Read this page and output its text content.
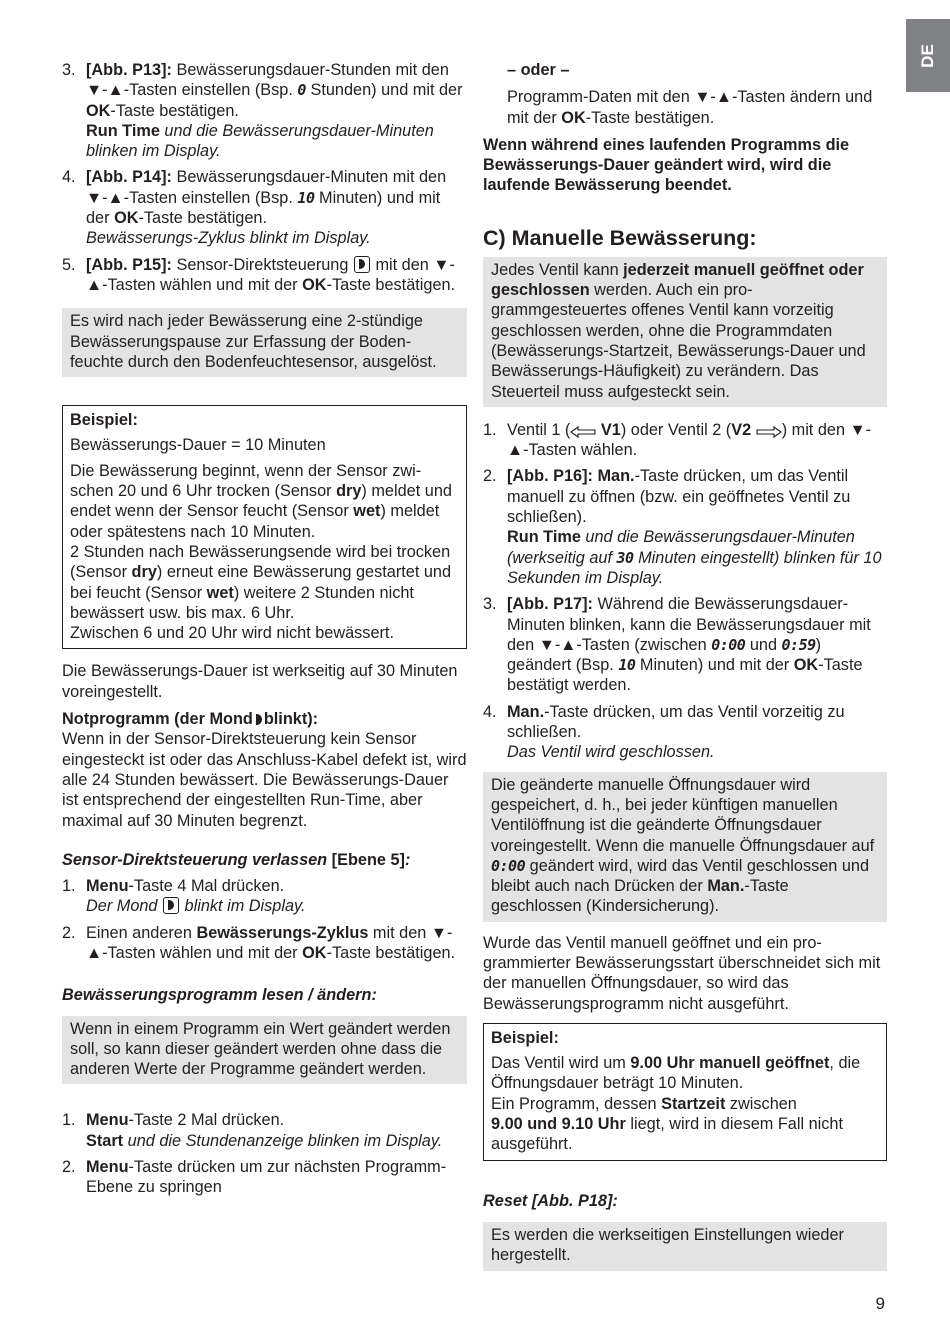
DE
3. [Abb. P13]: Bewässerungsdauer-Stunden mit den ▼-▲-Tasten einstellen (Bsp. 0 Stunden) und mit der OK-Taste bestätigen.
Run Time und die Bewässerungsdauer-Minuten blinken im Display.
4. [Abb. P14]: Bewässerungsdauer-Minuten mit den ▼-▲-Tasten einstellen (Bsp. 10 Minuten) und mit der OK-Taste bestätigen.
Bewässerungs-Zyklus blinkt im Display.
5. [Abb. P15]: Sensor-Direktsteuerung  mit den ▼-▲-Tasten wählen und mit der OK-Taste bestätigen.

Es wird nach jeder Bewässerung eine 2-stündige Bewässerungspause zur Erfassung der Bodenfeuchte durch den Bodenfeuchtesensor, ausgelöst.

Beispiel:

Bewässerungs-Dauer = 10 Minuten

Die Bewässerung beginnt, wenn der Sensor zwischen 20 und 6 Uhr trocken (Sensor dry) meldet und endet wenn der Sensor feucht (Sensor wet) meldet oder spätestens nach 10 Minuten.
2 Stunden nach Bewässerungsende wird bei trocken (Sensor dry) erneut eine Bewässerung gestartet und bei feucht (Sensor wet) weitere 2 Stunden nicht bewässert usw. bis max. 6 Uhr.
Zwischen 6 und 20 Uhr wird nicht bewässert.

Die Bewässerungs-Dauer ist werkseitig auf 30 Minuten voreingestellt.

Notprogramm (der Mond blinkt):

Wenn in der Sensor-Direktsteuerung kein Sensor eingesteckt ist oder das Anschluss-Kabel defekt ist, wird alle 24 Stunden bewässert. Die Bewässerungs-Dauer ist entsprechend der eingestellten Run-Time, aber maximal auf 30 Minuten begrenzt.

Sensor-Direktsteuerung verlassen [Ebene 5]:

1. Menu-Taste 4 Mal drücken.
Der Mond  blinkt im Display.
2. Einen anderen Bewässerungs-Zyklus mit den ▼-▲-Tasten wählen und mit der OK-Taste bestätigen.

Bewässerungsprogramm lesen / ändern:

Wenn in einem Programm ein Wert geändert werden soll, so kann dieser geändert werden ohne dass die anderen Werte der Programme geändert werden.

1. Menu-Taste 2 Mal drücken.
Start und die Stundenanzeige blinken im Display.
2. Menu-Taste drücken um zur nächsten Programm-Ebene zu springen

– oder –

Programm-Daten mit den ▼-▲-Tasten ändern und mit der OK-Taste bestätigen.

Wenn während eines laufenden Programms die Bewässerungs-Dauer geändert wird, wird die laufende Bewässerung beendet.

C) Manuelle Bewässerung:

Jedes Ventil kann jederzeit manuell geöffnet oder geschlossen werden. Auch ein programmgesteuertes offenes Ventil kann vorzeitig geschlossen werden, ohne die Programmdaten (Bewässerungs-Startzeit, Bewässerungs-Dauer und Bewässerungs-Häufigkeit) zu verändern. Das Steuerteil muss aufgesteckt sein.

1. Ventil 1 ( V1) oder Ventil 2 (V2 ) mit den ▼-▲-Tasten wählen.
2. [Abb. P16]: Man.-Taste drücken, um das Ventil manuell zu öffnen (bzw. ein geöffnetes Ventil zu schließen).
Run Time und die Bewässerungsdauer-Minuten (werkseitig auf 30 Minuten eingestellt) blinken für 10 Sekunden im Display.
3. [Abb. P17]: Während die Bewässerungsdauer-Minuten blinken, kann die Bewässerungsdauer mit den ▼-▲-Tasten (zwischen 0:00 und 0:59) geändert (Bsp. 10 Minuten) und mit der OK-Taste bestätigt werden.
4. Man.-Taste drücken, um das Ventil vorzeitig zu schließen.
Das Ventil wird geschlossen.

Die geänderte manuelle Öffnungsdauer wird gespeichert, d. h., bei jeder künftigen manuellen Ventilöffnung ist die geänderte Öffnungsdauer voreingestellt. Wenn die manuelle Öffnungsdauer auf 0:00 geändert wird, wird das Ventil geschlossen und bleibt auch nach Drücken der Man.-Taste geschlossen (Kindersicherung).

Wurde das Ventil manuell geöffnet und ein programmierter Bewässerungsstart überschneidet sich mit der manuellen Öffnungsdauer, so wird das Bewässerungsprogramm nicht ausgeführt.

Beispiel:

Das Ventil wird um 9.00 Uhr manuell geöffnet, die Öffnungsdauer beträgt 10 Minuten.
Ein Programm, dessen Startzeit zwischen
9.00 und 9.10 Uhr liegt, wird in diesem Fall nicht ausgeführt.

Reset [Abb. P18]:

Es werden die werkseitigen Einstellungen wieder hergestellt.

9
